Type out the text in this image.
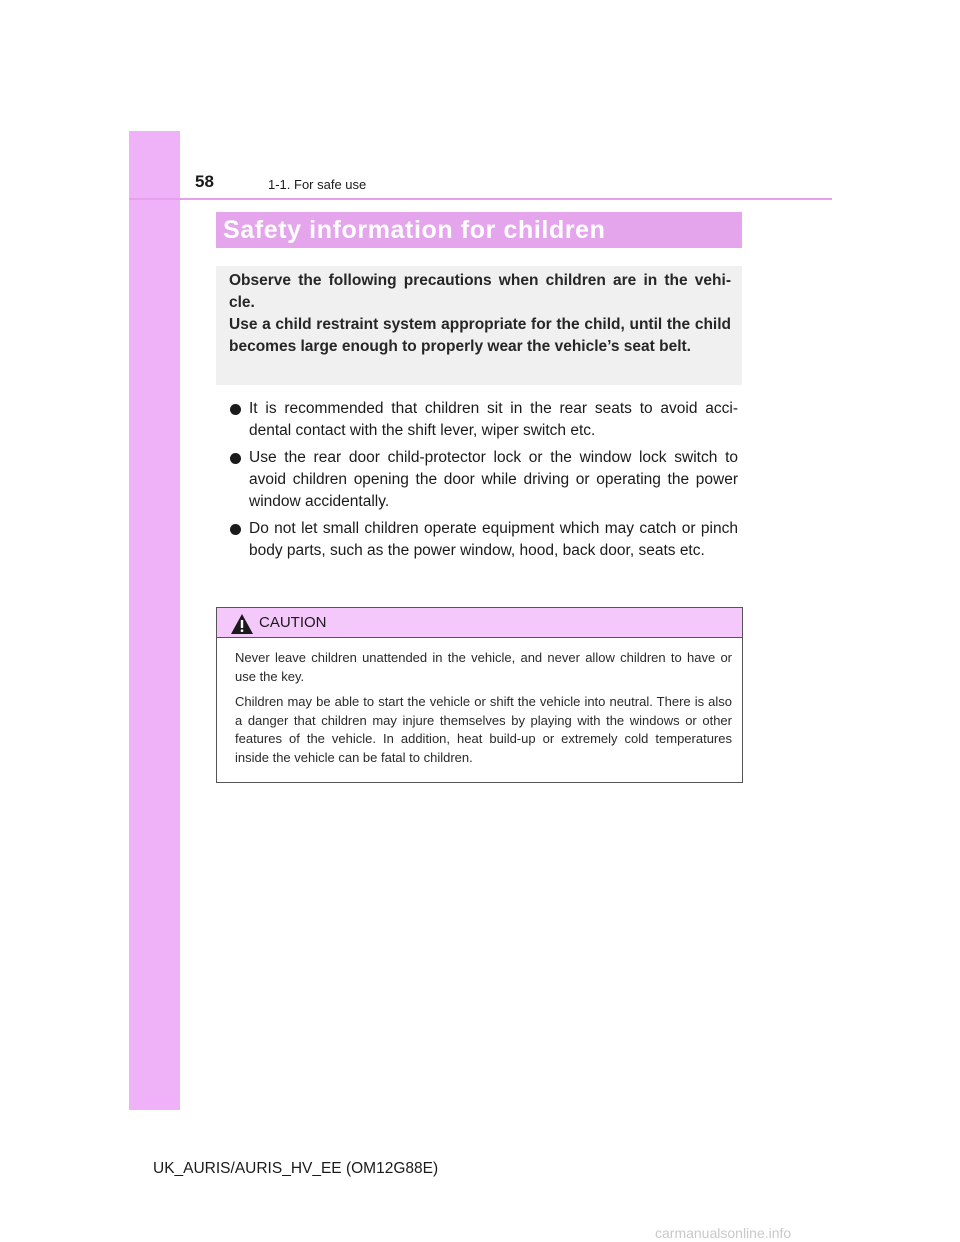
58	1-1. For safe use
Safety information for children

Observe the following precautions when children are in the vehi-cle.

Use a child restraint system appropriate for the child, until the child becomes large enough to properly wear the vehicle’s seat belt.

It is recommended that children sit in the rear seats to avoid acci-dental contact with the shift lever, wiper switch etc.
Use the rear door child-protector lock or the window lock switch to avoid children opening the door while driving or operating the power window accidentally.
Do not let small children operate equipment which may catch or pinch body parts, such as the power window, hood, back door, seats etc.
CAUTION

Never leave children unattended in the vehicle, and never allow children to have or use the key.

Children may be able to start the vehicle or shift the vehicle into neutral. There is also a danger that children may injure themselves by playing with the windows or other features of the vehicle. In addition, heat build-up or extremely cold temperatures inside the vehicle can be fatal to children.

UK_AURIS/AURIS_HV_EE (OM12G88E)
carmanualsonline.info
